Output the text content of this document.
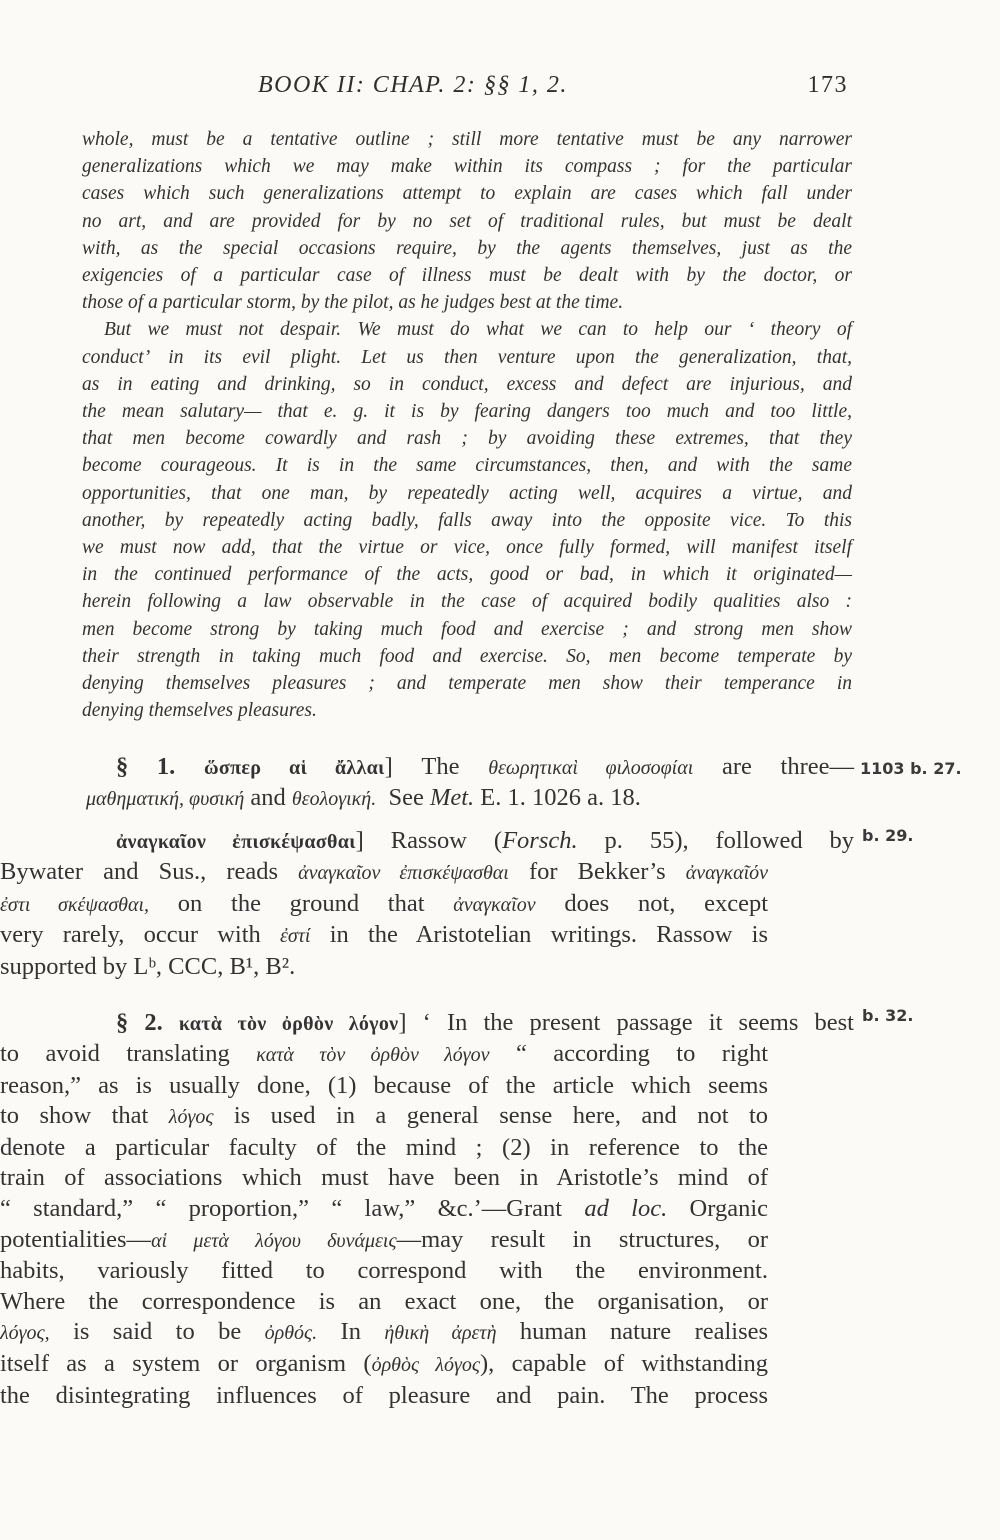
BOOK II: CHAP. 2: §§ 1, 2.	173
whole, must be a tentative outline ; still more tentative must be any narrower
generalizations which we may make within its compass ; for the particular
cases which such generalizations attempt to explain are cases which fall under
no art, and are provided for by no set of traditional rules, but must be dealt
with, as the special occasions require, by the agents themselves, just as the
exigencies of a particular case of illness must be dealt with by the doctor, or
those of a particular storm, by the pilot, as he judges best at the time.
But we must not despair. We must do what we can to help our ‘ theory of
conduct’ in its evil plight. Let us then venture upon the generalization, that,
as in eating and drinking, so in conduct, excess and defect are injurious, and
the mean salutary— that e. g. it is by fearing dangers too much and too little,
that men become cowardly and rash ; by avoiding these extremes, that they
become courageous. It is in the same circumstances, then, and with the same
opportunities, that one man, by repeatedly acting well, acquires a virtue, and
another, by repeatedly acting badly, falls away into the opposite vice. To this
we must now add, that the virtue or vice, once fully formed, will manifest itself
in the continued performance of the acts, good or bad, in which it originated—
herein following a law observable in the case of acquired bodily qualities also :
men become strong by taking much food and exercise ; and strong men show
their strength in taking much food and exercise. So, men become temperate by
denying themselves pleasures ; and temperate men show their temperance in
denying themselves pleasures.
§ 1. ὥσπερ αἱ ἄλλαι] The θεωρητικαὶ φιλοσοφίαι are three—
μαθηματική, φυσική and θεολογική. See Met. E. 1. 1026 a. 18.
1103 b. 27.
ἀναγκαῖον ἐπισκέψασθαι] Rassow (Forsch. p. 55), followed by
Bywater and Sus., reads ἀναγκαῖον ἐπισκέψασθαι for Bekker’s ἀναγκαῖόν
ἐστι σκέψασθαι, on the ground that ἀναγκαῖον does not, except
very rarely, occur with ἐστί in the Aristotelian writings. Rassow is
supported by Lᵇ, CCC, B¹, B².
b. 29.
§ 2. κατὰ τὸν ὀρθὸν λόγον] ‘ In the present passage it seems best
to avoid translating κατὰ τὸν ὀρθὸν λόγον “ according to right
reason,” as is usually done, (1) because of the article which seems
to show that λόγος is used in a general sense here, and not to
denote a particular faculty of the mind ; (2) in reference to the
train of associations which must have been in Aristotle’s mind of
“ standard,” “ proportion,” “ law,” &c.’—Grant ad loc. Organic
potentialities—αἱ μετὰ λόγου δυνάμεις—may result in structures, or
habits, variously fitted to correspond with the environment.
Where the correspondence is an exact one, the organisation, or
λόγος, is said to be ὀρθός. In ἠθικὴ ἀρετὴ human nature realises
itself as a system or organism (ὀρθὸς λόγος), capable of withstanding
the disintegrating influences of pleasure and pain. The process
b. 32.
